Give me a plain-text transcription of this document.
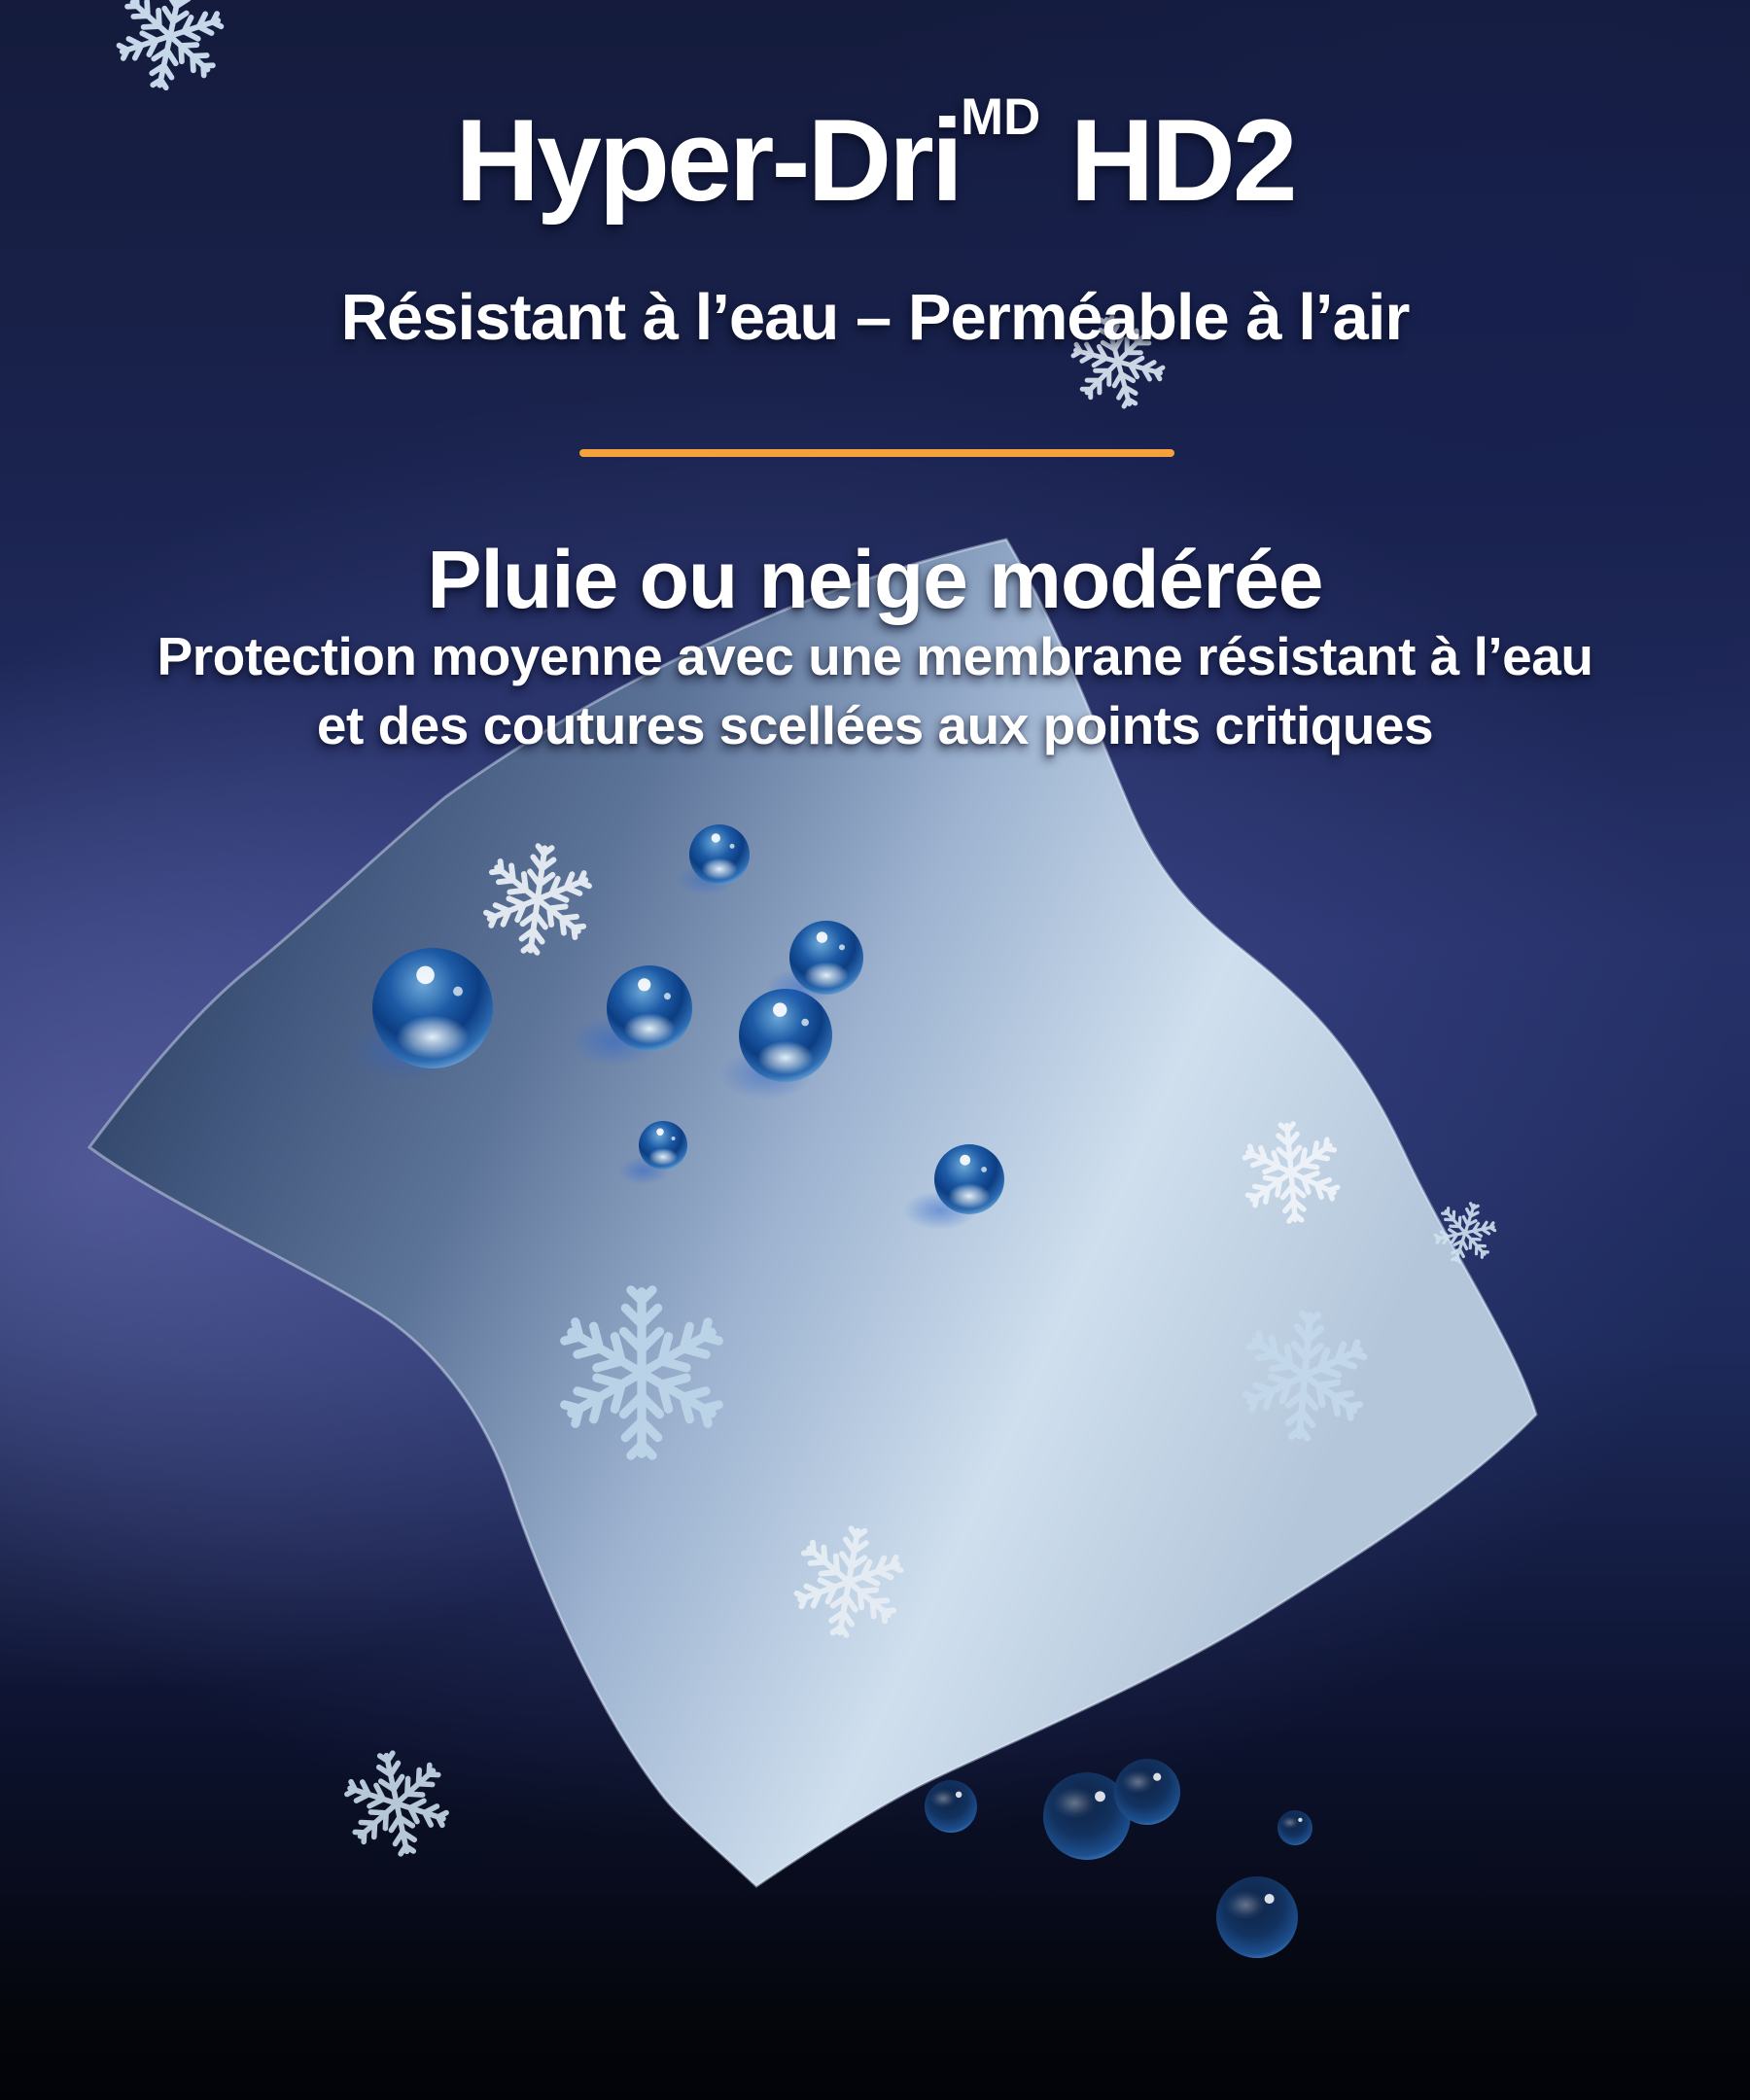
Hyper-Dri$^{MD}$ HD2
Résistant à l’eau – Perméable à l’air
Pluie ou neige modérée
Protection moyenne avec une membrane résistant à l’eau
et des coutures scellées aux points critiques
